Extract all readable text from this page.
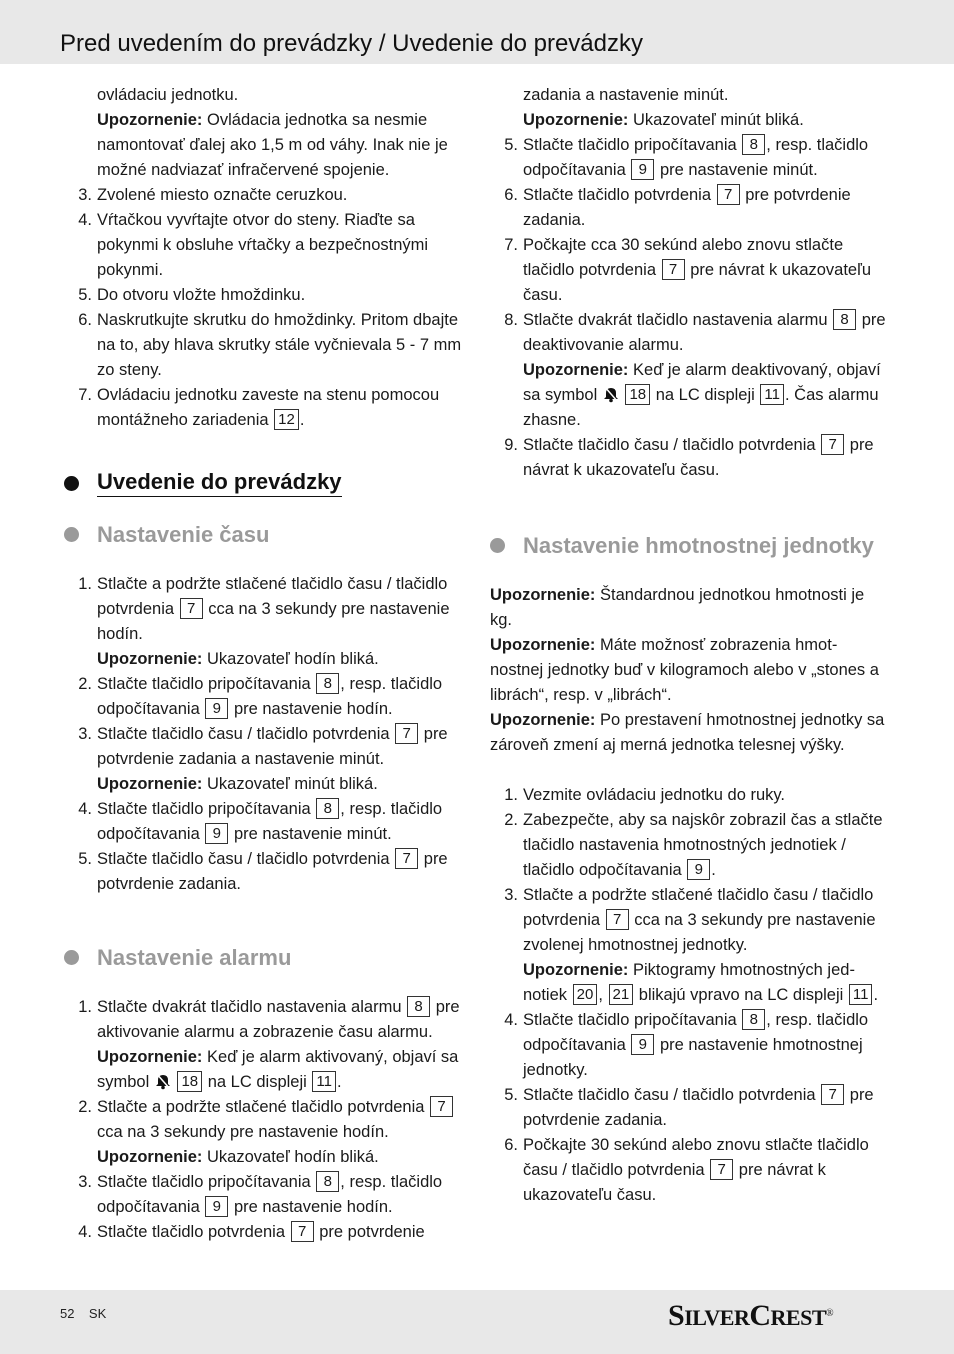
Pred uvedením do prevádzky / Uvedenie do prevádzky
ovládaciu jednotku.
Upozornenie: Ovládacia jednotka sa nesmie namontovať ďalej ako 1,5 m od váhy. Inak nie je možné nadviazať infračervené spojenie.
3. Zvolené miesto označte ceruzkou.
4. Vŕtačkou vyvŕtajte otvor do steny. Riaďte sa pokynmi k obsluhe vŕtačky a bezpečnostnými pokynmi.
5. Do otvoru vložte hmoždinku.
6. Naskrutkujte skrutku do hmoždinky. Pritom dbajte na to, aby hlava skrutky stále vyčnievala 5 - 7 mm zo steny.
7. Ovládaciu jednotku zaveste na stenu pomocou montážneho zariadenia 12 .
Uvedenie do prevádzky
Nastavenie času
1. Stlačte a podržte stlačené tlačidlo času / tlačidlo potvrdenia 7 cca na 3 sekundy pre nastavenie hodín.
Upozornenie: Ukazovateľ hodín bliká.
2. Stlačte tlačidlo pripočítavania 8 , resp. tlačidlo odpočítavania 9 pre nastavenie hodín.
3. Stlačte tlačidlo času / tlačidlo potvrdenia 7 pre potvrdenie zadania a nastavenie minút.
Upozornenie: Ukazovateľ minút bliká.
4. Stlačte tlačidlo pripočítavania 8 , resp. tlačidlo odpočítavania 9 pre nastavenie minút.
5. Stlačte tlačidlo času / tlačidlo potvrdenia 7 pre potvrdenie zadania.
Nastavenie alarmu
1. Stlačte dvakrát tlačidlo nastavenia alarmu 8 pre aktivovanie alarmu a zobrazenie času alarmu.
Upozornenie: Keď je alarm aktivovaný, objaví sa symbol 18 na LC displeji 11 .
2. Stlačte a podržte stlačené tlačidlo potvrdenia 7 cca na 3 sekundy pre nastavenie hodín.
Upozornenie: Ukazovateľ hodín bliká.
3. Stlačte tlačidlo pripočítavania 8 , resp. tlačidlo odpočítavania 9 pre nastavenie hodín.
4. Stlačte tlačidlo potvrdenia 7 pre potvrdenie
zadania a nastavenie minút.
Upozornenie: Ukazovateľ minút bliká.
5. Stlačte tlačidlo pripočítavania 8 , resp. tlačidlo odpočítavania 9 pre nastavenie minút.
6. Stlačte tlačidlo potvrdenia 7 pre potvrdenie zadania.
7. Počkajte cca 30 sekúnd alebo znovu stlačte tlačidlo potvrdenia 7 pre návrat k ukazovateľu času.
8. Stlačte dvakrát tlačidlo nastavenia alarmu 8 pre deaktivovanie alarmu.
Upozornenie: Keď je alarm deaktivovaný, objaví sa symbol 18 na LC displeji 11 . Čas alarmu zhasne.
9. Stlačte tlačidlo času / tlačidlo potvrdenia 7 pre návrat k ukazovateľu času.
Nastavenie hmotnostnej jednotky
Upozornenie: Štandardnou jednotkou hmotnosti je kg.
Upozornenie: Máte možnosť zobrazenia hmot-nostnej jednotky buď v kilogramoch alebo v „stones a librách“, resp. v „librách“.
Upozornenie: Po prestavení hmotnostnej jednotky sa zároveň zmení aj merná jednotka telesnej výšky.
1. Vezmite ovládaciu jednotku do ruky.
2. Zabezpečte, aby sa najskôr zobrazil čas a stlačte tlačidlo nastavenia hmotnostných jednotiek / tlačidlo odpočítavania 9 .
3. Stlačte a podržte stlačené tlačidlo času / tlačidlo potvrdenia 7 cca na 3 sekundy pre nastavenie zvolenej hmotnostnej jednotky.
Upozornenie: Piktogramy hmotnostných jed-notiek 20 , 21 blikajú vpravo na LC displeji 11 .
4. Stlačte tlačidlo pripočítavania 8 , resp. tlačidlo odpočítavania 9 pre nastavenie hmotnostnej jednotky.
5. Stlačte tlačidlo času / tlačidlo potvrdenia 7 pre potvrdenie zadania.
6. Počkajte 30 sekúnd alebo znovu stlačte tlačidlo času / tlačidlo potvrdenia 7 pre návrat k ukazovateľu času.
52 SK	SILVERCREST®
